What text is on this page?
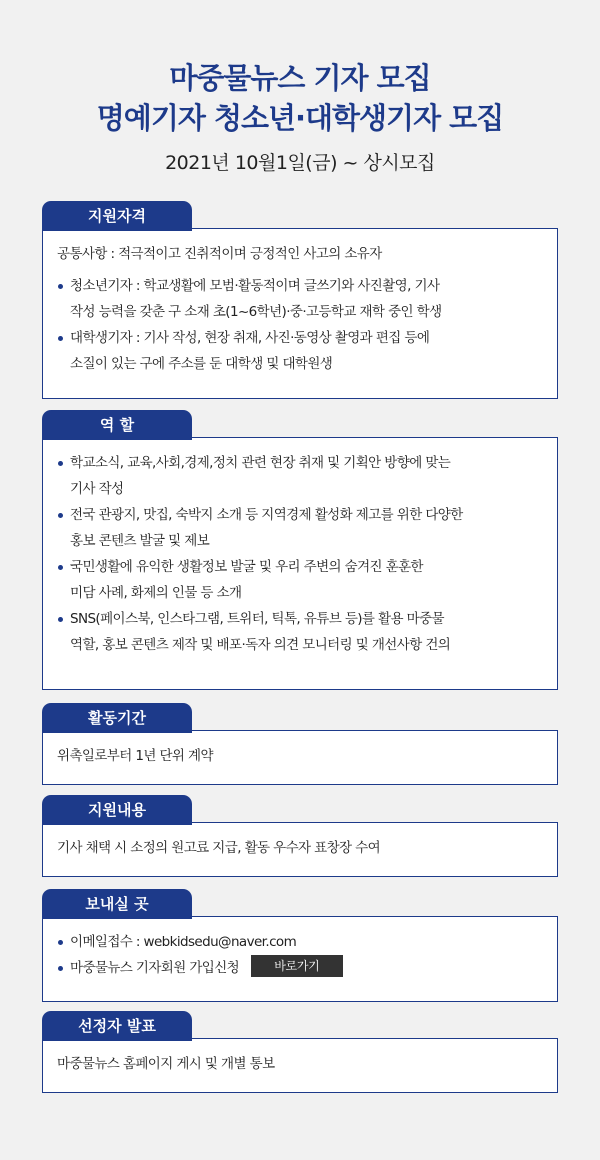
마중물뉴스 기자 모집
명예기자 청소년·대학생기자 모집
2021년 10월1일(금) ~ 상시모집
지원자격
공통사항 : 적극적이고 진취적이며 긍정적인 사고의 소유자
청소년기자 : 학교생활에 모범·활동적이며 글쓰기와 사진촬영, 기사
작성 능력을 갖춘 구 소재 초(1~6학년)·중·고등학교 재학 중인 학생
대학생기자 : 기사 작성, 현장 취재, 사진·동영상 촬영과 편집 등에
소질이 있는 구에 주소를 둔 대학생 및 대학원생
역 할
학교소식, 교육,사회,경제,정치 관련 현장 취재 및 기획안 방향에 맞는
기사 작성
전국 관광지, 맛집, 숙박지 소개 등 지역경제 활성화 제고를 위한 다양한
홍보 콘텐츠 발굴 및 제보
국민생활에 유익한 생활정보 발굴 및 우리 주변의 숨겨진 훈훈한
미담 사례, 화제의 인물 등 소개
SNS(페이스북, 인스타그램, 트위터, 틱톡, 유튜브 등)를 활용 마중물
역할, 홍보 콘텐츠 제작 및 배포·독자 의견 모니터링 및 개선사항 건의
활동기간
위촉일로부터 1년 단위 계약
지원내용
기사 채택 시 소정의 원고료 지급, 활동 우수자 표창장 수여
보내실 곳
이메일접수 : webkidsedu@naver.com
마중물뉴스 기자회원 가입신청	바로가기
선정자 발표
마중물뉴스 홈페이지 게시 및 개별 통보
